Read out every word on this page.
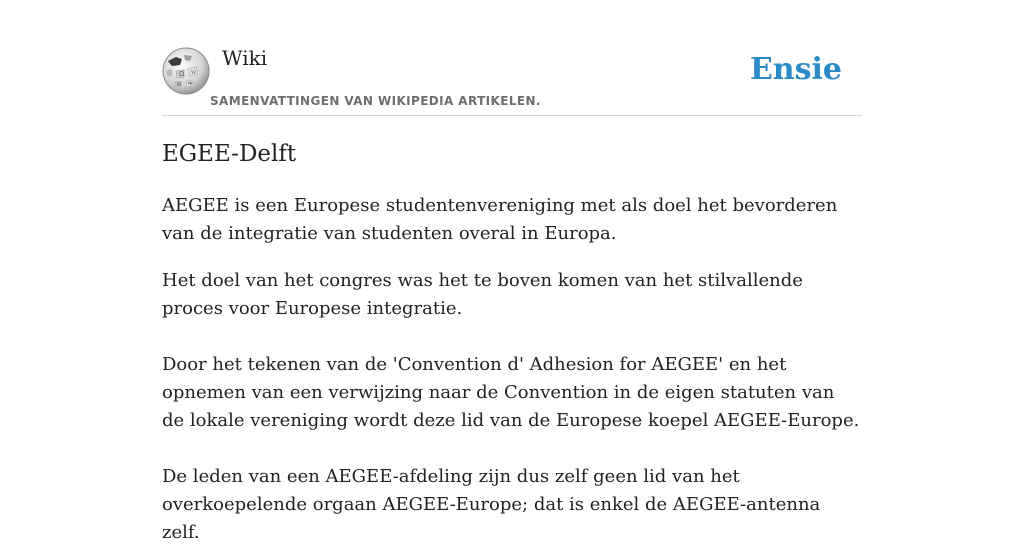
Ω W
И ጭ
Wiki
SAMENVATTINGEN VAN WIKIPEDIA ARTIKELEN.
Ensie
EGEE-Delft

AEGEE is een Europese studentenvereniging met als doel het bevorderen van de integratie van studenten overal in Europa.

Het doel van het congres was het te boven komen van het stilvallende proces voor Europese integratie.

Door het tekenen van de 'Convention d' Adhesion for AEGEE' en het opnemen van een verwijzing naar de Convention in de eigen statuten van de lokale vereniging wordt deze lid van de Europese koepel AEGEE-Europe.

De leden van een AEGEE-afdeling zijn dus zelf geen lid van het overkoepelende orgaan AEGEE-Europe; dat is enkel de AEGEE-antenna zelf.
